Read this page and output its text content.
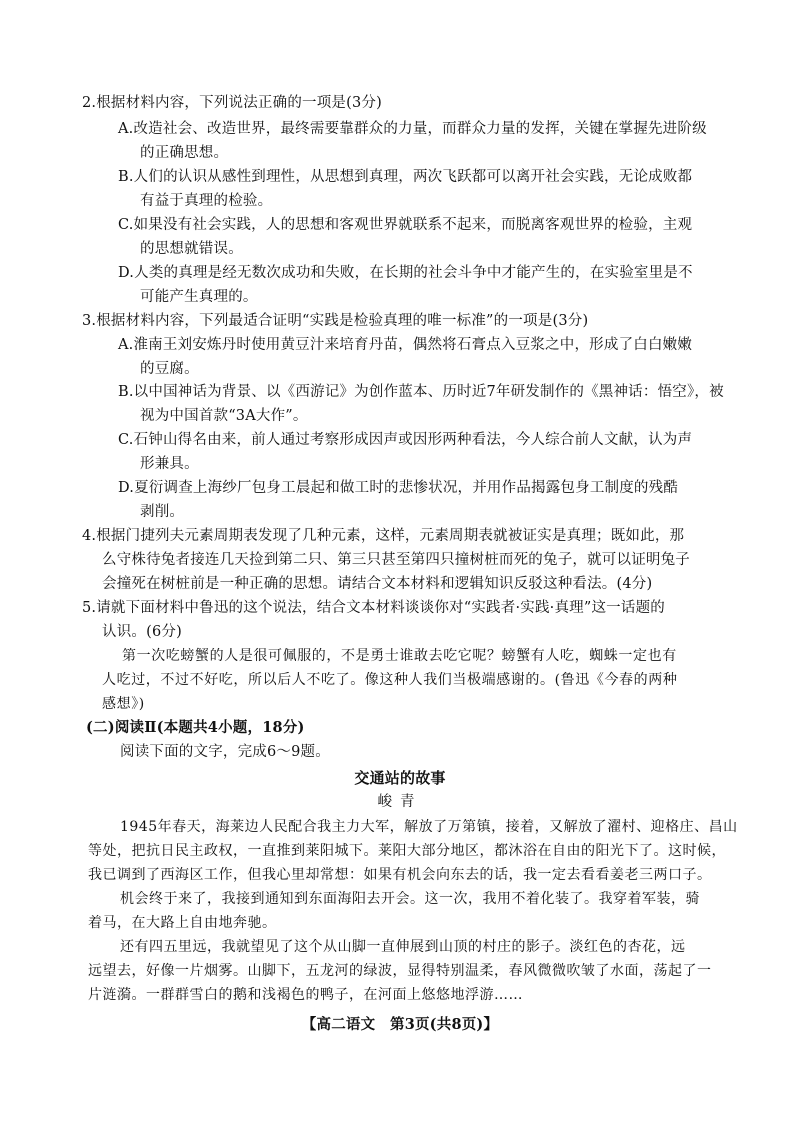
2.根据材料内容，下列说法正确的一项是(3分)
A.改造社会、改造世界，最终需要靠群众的力量，而群众力量的发挥，关键在掌握先进阶级
的正确思想。
B.人们的认识从感性到理性，从思想到真理，两次飞跃都可以离开社会实践，无论成败都
有益于真理的检验。
C.如果没有社会实践，人的思想和客观世界就联系不起来，而脱离客观世界的检验，主观
的思想就错误。
D.人类的真理是经无数次成功和失败，在长期的社会斗争中才能产生的，在实验室里是不
可能产生真理的。
3.根据材料内容，下列最适合证明“实践是检验真理的唯一标准”的一项是(3分)
A.淮南王刘安炼丹时使用黄豆汁来培育丹苗，偶然将石膏点入豆浆之中，形成了白白嫩嫩
的豆腐。
B.以中国神话为背景、以《西游记》为创作蓝本、历时近7年研发制作的《黑神话：悟空》，被
视为中国首款“3A大作”。
C.石钟山得名由来，前人通过考察形成因声或因形两种看法，今人综合前人文献，认为声
形兼具。
D.夏衍调查上海纱厂包身工晨起和做工时的悲惨状况，并用作品揭露包身工制度的残酷
剥削。
4.根据门捷列夫元素周期表发现了几种元素，这样，元素周期表就被证实是真理；既如此，那
么守株待兔者接连几天捡到第二只、第三只甚至第四只撞树桩而死的兔子，就可以证明兔子
会撞死在树桩前是一种正确的思想。请结合文本材料和逻辑知识反驳这种看法。(4分)
5.请就下面材料中鲁迅的这个说法，结合文本材料谈谈你对“实践者·实践·真理”这一话题的
认识。(6分)
第一次吃螃蟹的人是很可佩服的，不是勇士谁敢去吃它呢？螃蟹有人吃，蜘蛛一定也有
人吃过，不过不好吃，所以后人不吃了。像这种人我们当极端感谢的。(鲁迅《今春的两种
感想》)
(二)阅读Ⅱ(本题共4小题，18分)
阅读下面的文字，完成6～9题。
交通站的故事
峻青
1945年春天，海莱边人民配合我主力大军，解放了万第镇，接着，又解放了濯村、迎格庄、昌山
等处，把抗日民主政权，一直推到莱阳城下。莱阳大部分地区，都沐浴在自由的阳光下了。这时候，
我已调到了西海区工作，但我心里却常想：如果有机会向东去的话，我一定去看看姜老三两口子。
机会终于来了，我接到通知到东面海阳去开会。这一次，我用不着化装了。我穿着军装，骑
着马，在大路上自由地奔驰。
还有四五里远，我就望见了这个从山脚一直伸展到山顶的村庄的影子。淡红色的杏花，远
远望去，好像一片烟雾。山脚下，五龙河的绿波，显得特别温柔，春风微微吹皱了水面，荡起了一
片涟漪。一群群雪白的鹅和浅褐色的鸭子，在河面上悠悠地浮游……
【高二语文　第3页(共8页)】
